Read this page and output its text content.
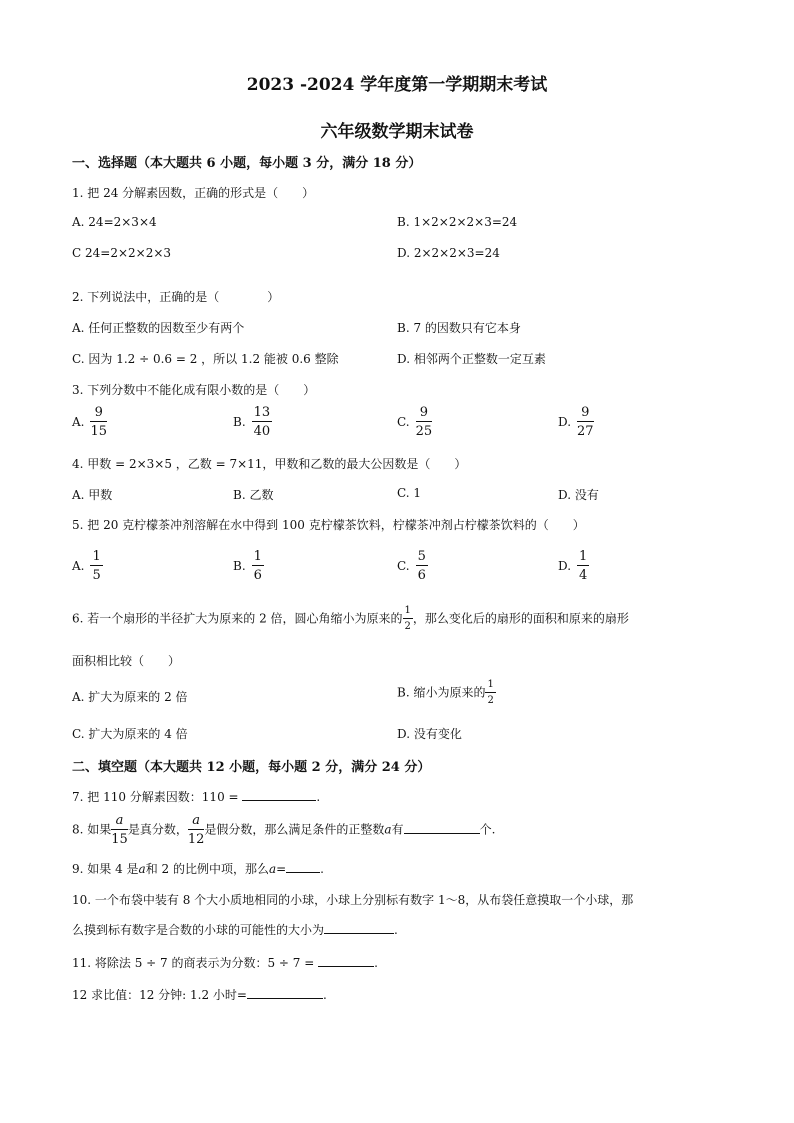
2023 -2024 学年度第一学期期末考试
六年级数学期末试卷
一、选择题（本大题共 6 小题，每小题 3 分，满分 18 分）
1. 把 24 分解素因数，正确的形式是（　　）
A. 24=2×3×4	B. 1×2×2×2×3=24
C 24=2×2×2×3	D. 2×2×2×3=24
2. 下列说法中，正确的是（　　　　）
A. 任何正整数的因数至少有两个	B. 7 的因数只有它本身
C. 因为 1.2 ÷ 0.6 = 2 ，所以 1.2 能被 0.6 整除	D. 相邻两个正整数一定互素
3. 下列分数中不能化成有限小数的是（　　）
A. $\frac{9}{15}$	B. $\frac{13}{40}$	C. $\frac{9}{25}$	D. $\frac{9}{27}$
4. 甲数 = 2×3×5 ，乙数 = 7×11，甲数和乙数的最大公因数是（　　）
A. 甲数	B. 乙数	C. 1	D. 没有
5. 把 20 克柠檬茶冲剂溶解在水中得到 100 克柠檬茶饮料，柠檬茶冲剂占柠檬茶饮料的（　　）
A. $\frac{1}{5}$	B. $\frac{1}{6}$	C. $\frac{5}{6}$	D. $\frac{1}{4}$
6. 若一个扇形的半径扩大为原来的 2 倍，圆心角缩小为原来的 $\frac{1}{2}$ ，那么变化后的扇形的面积和原来的扇形
面积相比较（　　）
A. 扩大为原来的 2 倍	B. 缩小为原来的 $\frac{1}{2}$
C. 扩大为原来的 4 倍	D. 没有变化
二、填空题（本大题共 12 小题，每小题 2 分，满分 24 分）
7. 把 110 分解素因数：110 =	.
8. 如果 $\frac{a}{15}$ 是真分数， $\frac{a}{12}$ 是假分数，那么满足条件的正整数a有	个.
9. 如果 4 是a和 2 的比例中项，那么a=	.
10. 一个布袋中装有 8 个大小质地相同的小球，小球上分别标有数字 1～8，从布袋任意摸取一个小球，那
么摸到标有数字是合数的小球的可能性的大小为	.
11. 将除法 5 ÷ 7 的商表示为分数：5 ÷ 7 =	.
12 求比值：12 分钟: 1.2 小时=	.
